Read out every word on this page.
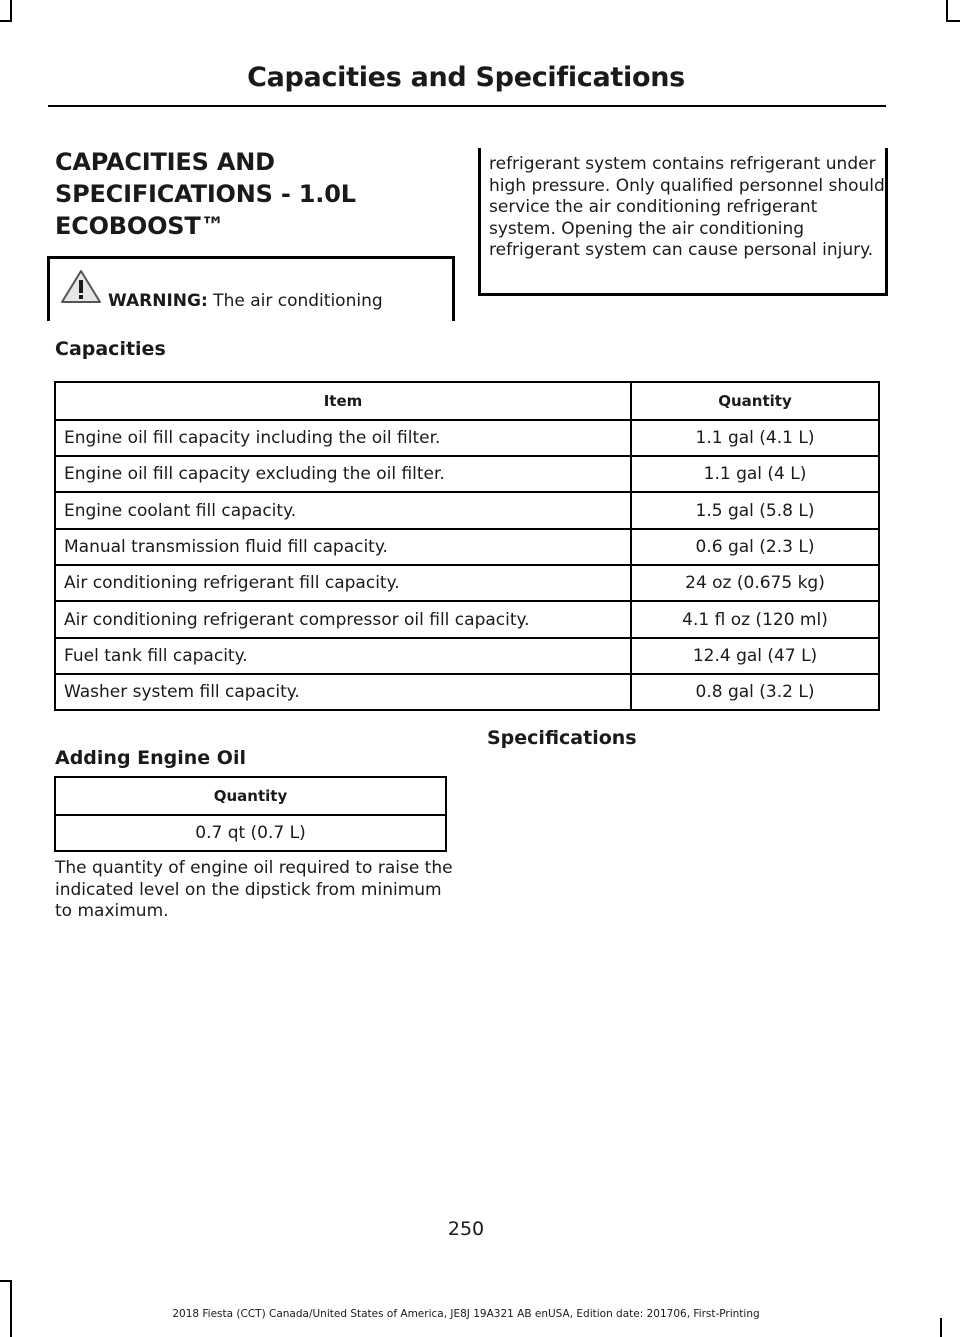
Capacities and Specifications
CAPACITIES AND SPECIFICATIONS - 1.0L ECOBOOST™
WARNING: The air conditioning
refrigerant system contains refrigerant under high pressure. Only qualified personnel should service the air conditioning refrigerant system. Opening the air conditioning refrigerant system can cause personal injury.
Capacities
Item	Quantity
Engine oil fill capacity including the oil filter.	1.1 gal (4.1 L)
Engine oil fill capacity excluding the oil filter.	1.1 gal (4 L)
Engine coolant fill capacity.	1.5 gal (5.8 L)
Manual transmission fluid fill capacity.	0.6 gal (2.3 L)
Air conditioning refrigerant fill capacity.	24 oz (0.675 kg)
Air conditioning refrigerant compressor oil fill capacity.	4.1 fl oz (120 ml)
Fuel tank fill capacity.	12.4 gal (47 L)
Washer system fill capacity.	0.8 gal (3.2 L)
Adding Engine Oil
Quantity
0.7 qt (0.7 L)
The quantity of engine oil required to raise the indicated level on the dipstick from minimum to maximum.
Specifications
250
2018 Fiesta (CCT) Canada/United States of America, JE8J 19A321 AB enUSA, Edition date: 201706, First-Printing
